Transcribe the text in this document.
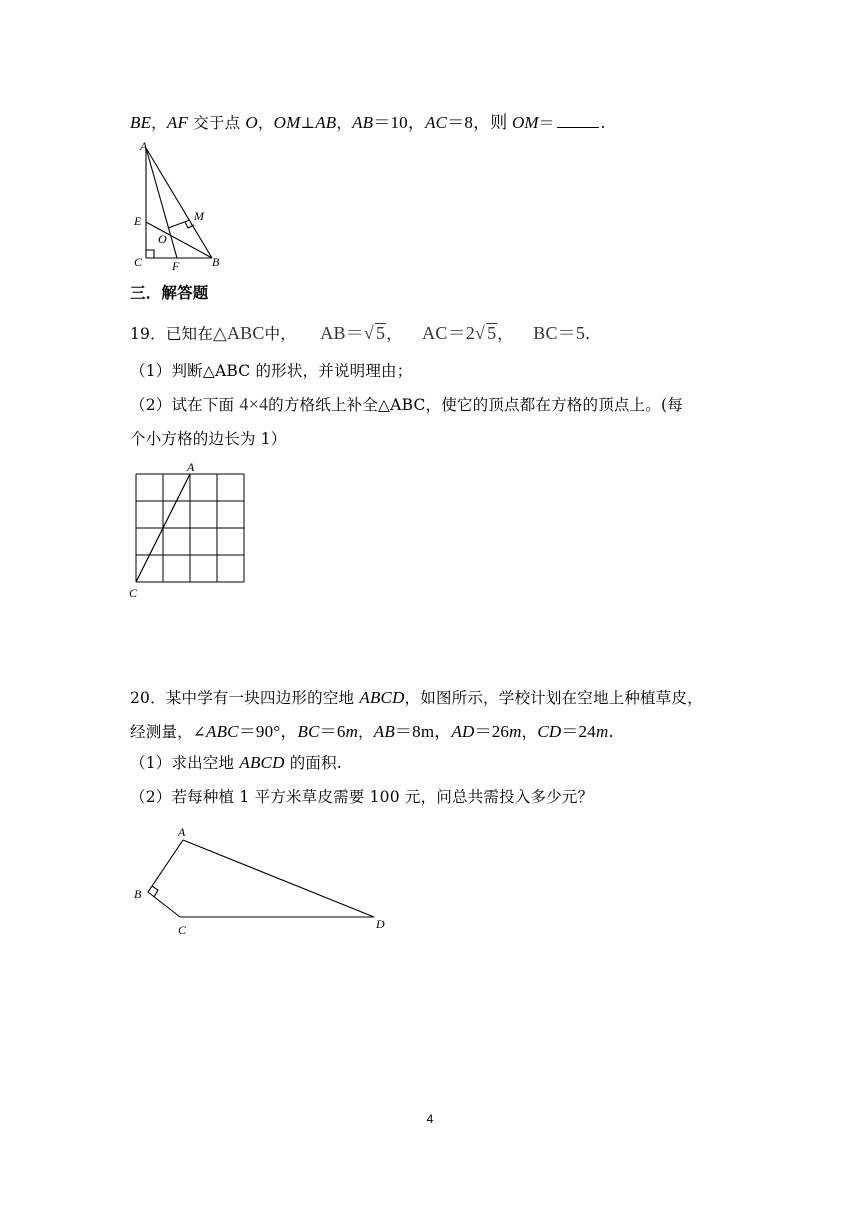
BE，AF 交于点 O，OM⊥AB，AB＝10，AC＝8，则 OM＝	.
A
E	M
O
C F	B
三．解答题
19．已知在△ABC中， AB＝√ 5， AC＝2√ 5， BC＝5.
（1）判断△ABC 的形状，并说明理由；
（2）试在下面 4×4的方格纸上补全△ABC，使它的顶点都在方格的顶点上。(每
个小方格的边长为 1）
A
C
20．某中学有一块四边形的空地 ABCD，如图所示，学校计划在空地上种植草皮，
经测量，∠ABC＝90°，BC＝6m，AB＝8m，AD＝26m，CD＝24m.
（1）求出空地 ABCD 的面积.
（2）若每种植 1 平方米草皮需要 100 元，问总共需投入多少元？
A
B
C	D
4
